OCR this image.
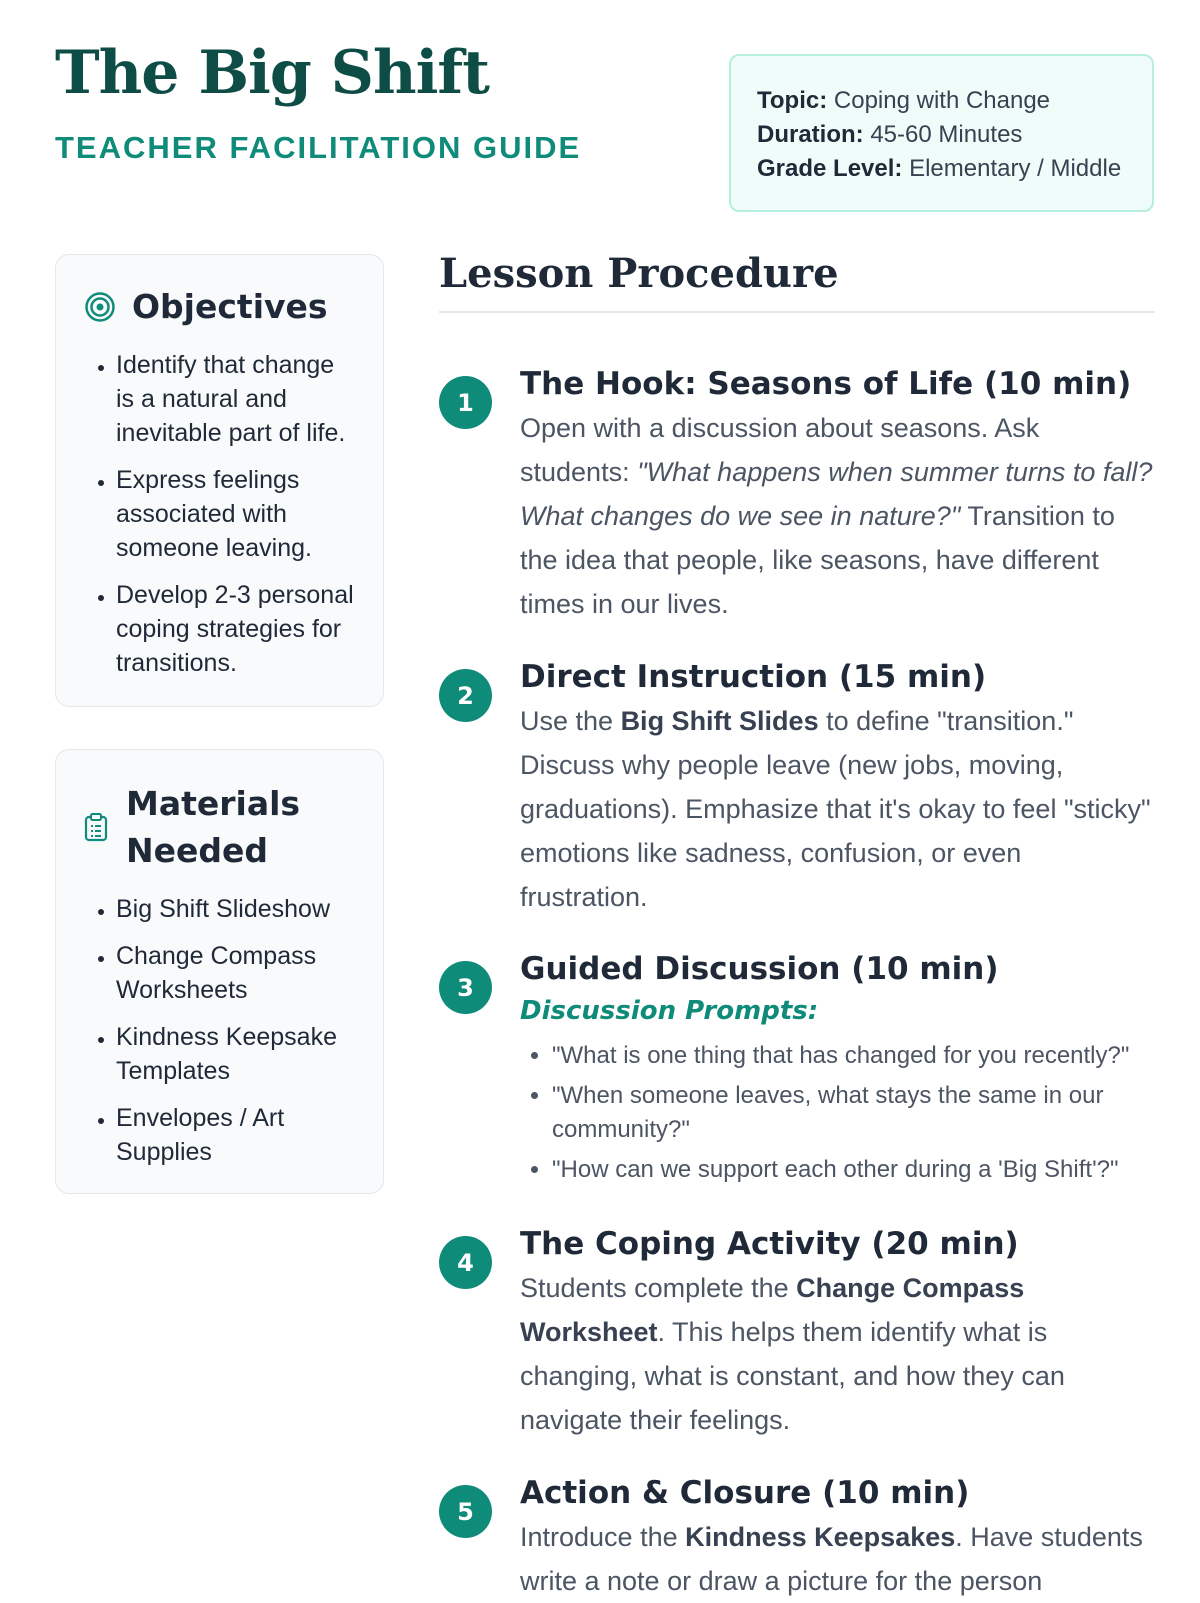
The Big Shift
TEACHER FACILITATION GUIDE
Topic: Coping with Change
Duration: 45-60 Minutes
Grade Level: Elementary / Middle
Objectives
• Identify that change is a natural and inevitable part of life.
• Express feelings associated with someone leaving.
• Develop 2-3 personal coping strategies for transitions.
Materials Needed
• Big Shift Slideshow
• Change Compass Worksheets
• Kindness Keepsake Templates
• Envelopes / Art Supplies
Lesson Procedure
1
The Hook: Seasons of Life (10 min)
Open with a discussion about seasons. Ask students: "What happens when summer turns to fall? What changes do we see in nature?" Transition to the idea that people, like seasons, have different times in our lives.
2
Direct Instruction (15 min)
Use the Big Shift Slides to define "transition." Discuss why people leave (new jobs, moving, graduations). Emphasize that it's okay to feel "sticky" emotions like sadness, confusion, or even frustration.
3
Guided Discussion (10 min)
Discussion Prompts:
• "What is one thing that has changed for you recently?"
• "When someone leaves, what stays the same in our community?"
• "How can we support each other during a 'Big Shift'?"
4
The Coping Activity (20 min)
Students complete the Change Compass Worksheet. This helps them identify what is changing, what is constant, and how they can navigate their feelings.
5
Action & Closure (10 min)
Introduce the Kindness Keepsakes. Have students write a note or draw a picture for the person
